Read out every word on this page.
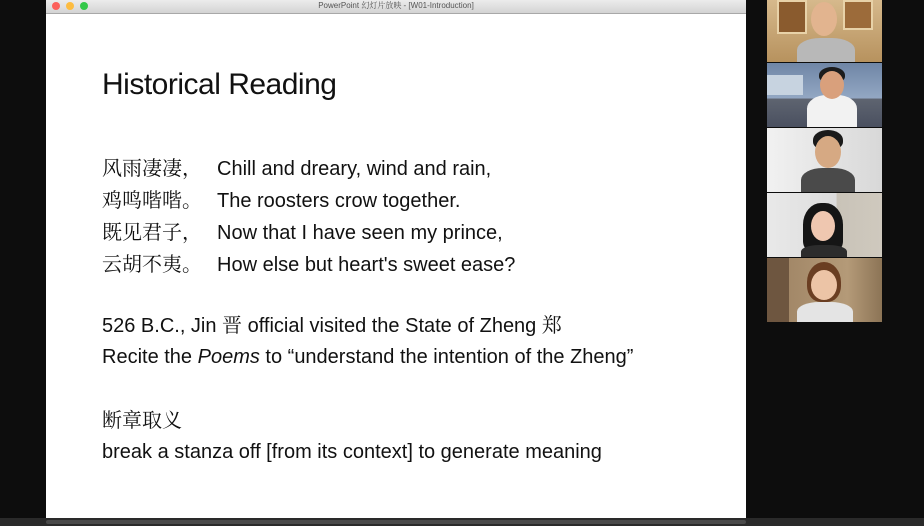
PowerPoint 幻灯片放映 - [W01-Introduction]
Historical Reading
风雨凄凄， Chill and dreary, wind and rain,
鸡鸣喈喈。 The roosters crow together.
既见君子， Now that I have seen my prince,
云胡不夷。 How else but heart's sweet ease?
526 B.C., Jin 晋 official visited the State of Zheng 郑
Recite the Poems to “understand the intention of the Zheng”
断章取义
break a stanza off [from its context] to generate meaning
